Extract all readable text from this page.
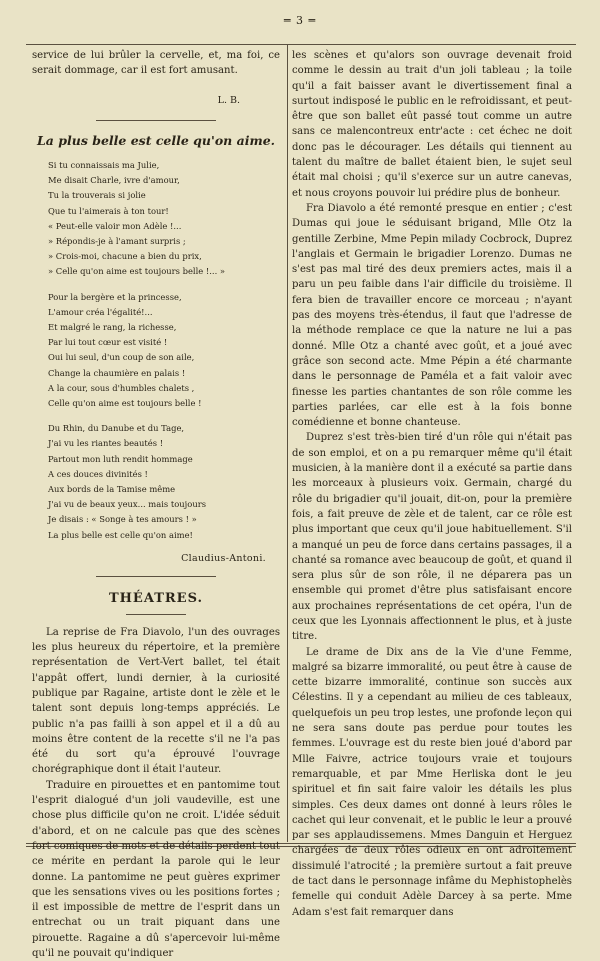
═ 3 ═

service de lui brûler la cervelle, et, ma foi, ce serait dommage, car il est fort amusant.

L. B.

La plus belle est celle qu'on aime.
Si tu connaissais ma Julie,
Me disait Charle, ivre d'amour,
Tu la trouverais si jolie
Que tu l'aimerais à ton tour!
« Peut-elle valoir mon Adèle !...
» Répondis-je à l'amant surpris ;
» Crois-moi, chacune a bien du prix,
» Celle qu'on aime est toujours belle !... »
Pour la bergère et la princesse,
L'amour créa l'égalité!...
Et malgré le rang, la richesse,
Par lui tout cœur est visité !
Oui lui seul, d'un coup de son aile,
Change la chaumière en palais !
A la cour, sous d'humbles chalets ,
Celle qu'on aime est toujours belle !
Du Rhin, du Danube et du Tage,
J'ai vu les riantes beautés !
Partout mon luth rendit hommage
A ces douces divinités !
Aux bords de la Tamise même
J'ai vu de beaux yeux... mais toujours
Je disais : « Songe à tes amours ! »
La plus belle est celle qu'on aime!
Claudius-Antoni.
THÉATRES.

La reprise de Fra Diavolo, l'un des ouvrages les plus heureux du répertoire, et la première représentation de Vert-Vert ballet, tel était l'appât offert, lundi dernier, à la curiosité publique par Ragaine, artiste dont le zèle et le talent sont depuis long-temps appréciés. Le public n'a pas failli à son appel et il a dû au moins être content de la recette s'il ne l'a pas été du sort qu'a éprouvé l'ouvrage chorégraphique dont il était l'auteur.

Traduire en pirouettes et en pantomime tout l'esprit dialogué d'un joli vaudeville, est une chose plus difficile qu'on ne croit. L'idée séduit d'abord, et on ne calcule pas que des scènes fort comiques de mots et de détails perdent tout ce mérite en perdant la parole qui le leur donne. La pantomime ne peut guères exprimer que les sensations vives ou les positions fortes ; il est impossible de mettre de l'esprit dans un entrechat ou un trait piquant dans une pirouette. Ragaine a dû s'apercevoir lui-même qu'il ne pouvait qu'indiquer

les scènes et qu'alors son ouvrage devenait froid comme le dessin au trait d'un joli tableau ; la toile qu'il a fait baisser avant le divertissement final a surtout indisposé le public en le refroidissant, et peut-être que son ballet eût passé tout comme un autre sans ce malencontreux entr'acte : cet échec ne doit donc pas le décourager. Les détails qui tiennent au talent du maître de ballet étaient bien, le sujet seul était mal choisi ; qu'il s'exerce sur un autre canevas, et nous croyons pouvoir lui prédire plus de bonheur.

Fra Diavolo a été remonté presque en entier ; c'est Dumas qui joue le séduisant brigand, Mlle Otz la gentille Zerbine, Mme Pepin milady Cocbrock, Duprez l'anglais et Germain le brigadier Lorenzo. Dumas ne s'est pas mal tiré des deux premiers actes, mais il a paru un peu faible dans l'air difficile du troisième. Il fera bien de travailler encore ce morceau ; n'ayant pas des moyens très-étendus, il faut que l'adresse de la méthode remplace ce que la nature ne lui a pas donné. Mlle Otz a chanté avec goût, et a joué avec grâce son second acte. Mme Pépin a été charmante dans le personnage de Paméla et a fait valoir avec finesse les parties chantantes de son rôle comme les parties parlées, car elle est à la fois bonne comédienne et bonne chanteuse.

Duprez s'est très-bien tiré d'un rôle qui n'était pas de son emploi, et on a pu remarquer même qu'il était musicien, à la manière dont il a exécuté sa partie dans les morceaux à plusieurs voix. Germain, chargé du rôle du brigadier qu'il jouait, dit-on, pour la première fois, a fait preuve de zèle et de talent, car ce rôle est plus important que ceux qu'il joue habituellement. S'il a manqué un peu de force dans certains passages, il a chanté sa romance avec beaucoup de goût, et quand il sera plus sûr de son rôle, il ne déparera pas un ensemble qui promet d'être plus satisfaisant encore aux prochaines représentations de cet opéra, l'un de ceux que les Lyonnais affectionnent le plus, et à juste titre.

Le drame de Dix ans de la Vie d'une Femme, malgré sa bizarre immoralité, ou peut être à cause de cette bizarre immoralité, continue son succès aux Célestins. Il y a cependant au milieu de ces tableaux, quelquefois un peu trop lestes, une profonde leçon qui ne sera sans doute pas perdue pour toutes les femmes. L'ouvrage est du reste bien joué d'abord par Mlle Faivre, actrice toujours vraie et toujours remarquable, et par Mme Herliska dont le jeu spirituel et fin sait faire valoir les détails les plus simples. Ces deux dames ont donné à leurs rôles le cachet qui leur convenait, et le public le leur a prouvé par ses applaudissemens. Mmes Danguin et Herguez chargées de deux rôles odieux en ont adroitement dissimulé l'atrocité ; la première surtout a fait preuve de tact dans le personnage infâme du Mephistophelès femelle qui conduit Adèle Darcey à sa perte. Mme Adam s'est fait remarquer dans
